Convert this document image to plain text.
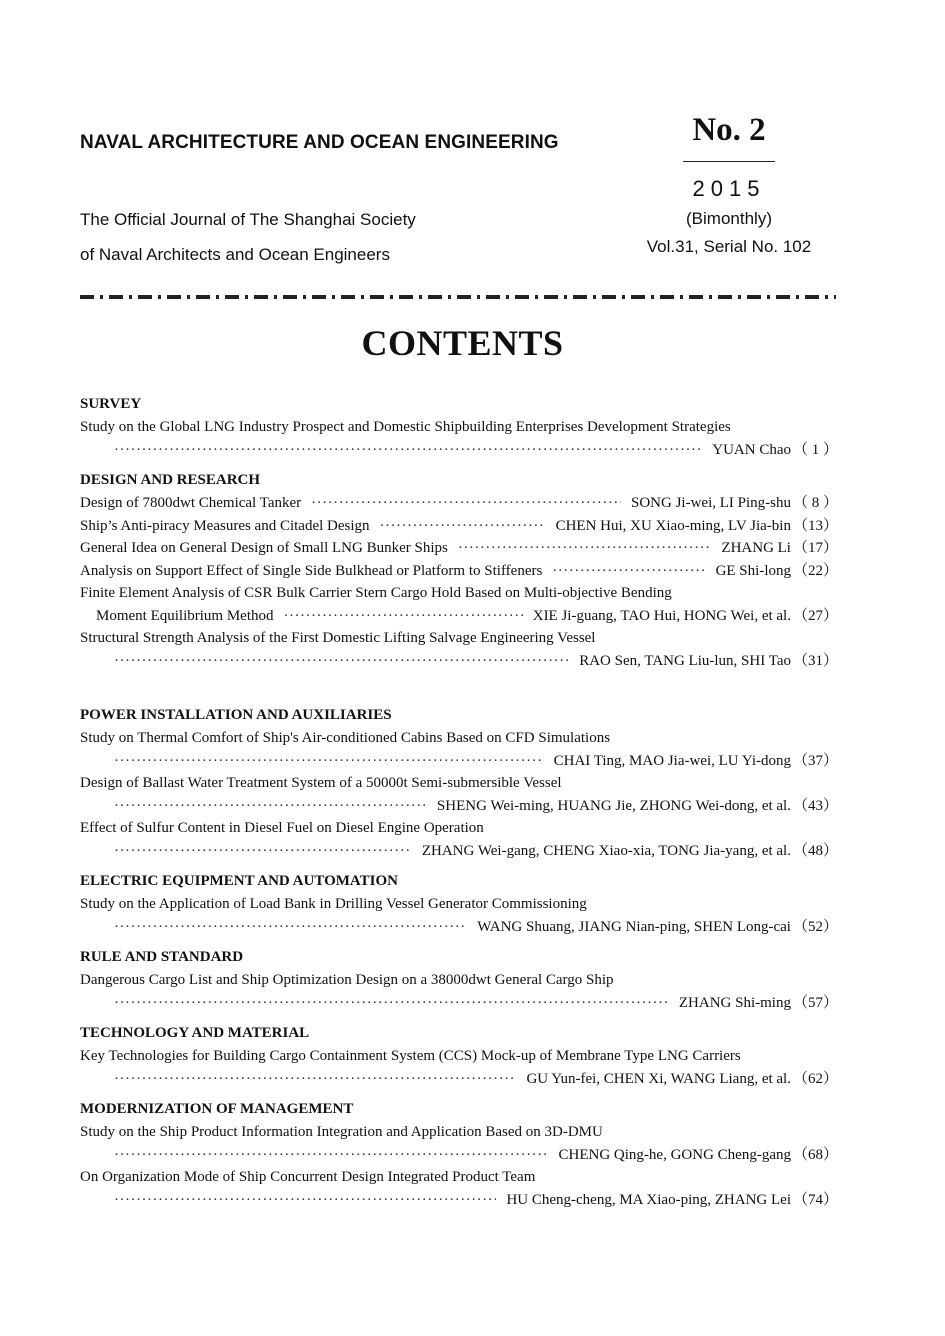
NAVAL ARCHITECTURE AND OCEAN ENGINEERING
The Official Journal of The Shanghai Society
of Naval Architects and Ocean Engineers
No. 2
2015
(Bimonthly)
Vol.31, Serial No. 102
CONTENTS
SURVEY
Study on the Global LNG Industry Prospect and Domestic Shipbuilding Enterprises Development Strategies
·····
YUAN Chao （ 1 ）
DESIGN AND RESEARCH
Design of 7800dwt Chemical Tanker ·····	SONG Ji-wei, LI Ping-shu （ 8 ）
Ship’s Anti-piracy Measures and Citadel Design ·····	CHEN Hui, XU Xiao-ming, LV Jia-bin （13）
General Idea on General Design of Small LNG Bunker Ships ·····	ZHANG Li （17）
Analysis on Support Effect of Single Side Bulkhead or Platform to Stiffeners ·····	GE Shi-long （22）
Finite Element Analysis of CSR Bulk Carrier Stern Cargo Hold Based on Multi-objective Bending
Moment Equilibrium Method ·····	XIE Ji-guang, TAO Hui, HONG Wei, et al. （27）
Structural Strength Analysis of the First Domestic Lifting Salvage Engineering Vessel
·····
RAO Sen, TANG Liu-lun, SHI Tao （31）
POWER INSTALLATION AND AUXILIARIES
Study on Thermal Comfort of Ship's Air-conditioned Cabins Based on CFD Simulations
·····
CHAI Ting, MAO Jia-wei, LU Yi-dong （37）
Design of Ballast Water Treatment System of a 50000t Semi-submersible Vessel
·····
SHENG Wei-ming, HUANG Jie, ZHONG Wei-dong, et al. （43）
Effect of Sulfur Content in Diesel Fuel on Diesel Engine Operation
·····
ZHANG Wei-gang, CHENG Xiao-xia, TONG Jia-yang, et al. （48）
ELECTRIC EQUIPMENT AND AUTOMATION
Study on the Application of Load Bank in Drilling Vessel Generator Commissioning
·····
WANG Shuang, JIANG Nian-ping, SHEN Long-cai （52）
RULE AND STANDARD
Dangerous Cargo List and Ship Optimization Design on a 38000dwt General Cargo Ship
·····
ZHANG Shi-ming （57）
TECHNOLOGY AND MATERIAL
Key Technologies for Building Cargo Containment System (CCS) Mock-up of Membrane Type LNG Carriers
·····
GU Yun-fei, CHEN Xi, WANG Liang, et al. （62）
MODERNIZATION OF MANAGEMENT
Study on the Ship Product Information Integration and Application Based on 3D-DMU
·····
CHENG Qing-he, GONG Cheng-gang （68）
On Organization Mode of Ship Concurrent Design Integrated Product Team
·····
HU Cheng-cheng, MA Xiao-ping, ZHANG Lei （74）
